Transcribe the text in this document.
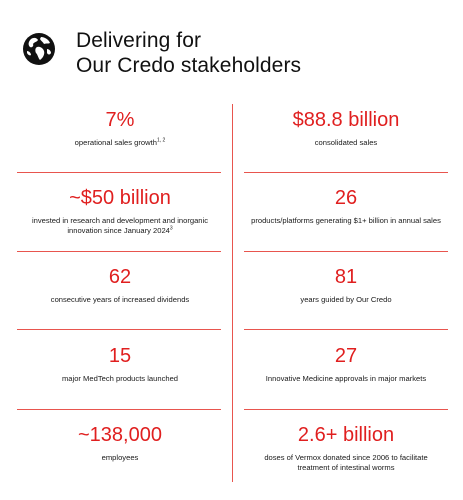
Delivering for
Our Credo stakeholders
7%
operational sales growth$^{1, 2}$
$88.8 billion
consolidated sales
~$50 billion
invested in research and development and inorganic innovation since January 2024$^3$
26
products/platforms generating $1+ billion in annual sales
62
consecutive years of increased dividends
81
years guided by Our Credo
15
major MedTech products launched
27
Innovative Medicine approvals in major markets
~138,000
employees
2.6+ billion
doses of Vermox donated since 2006 to facilitate treatment of intestinal worms
